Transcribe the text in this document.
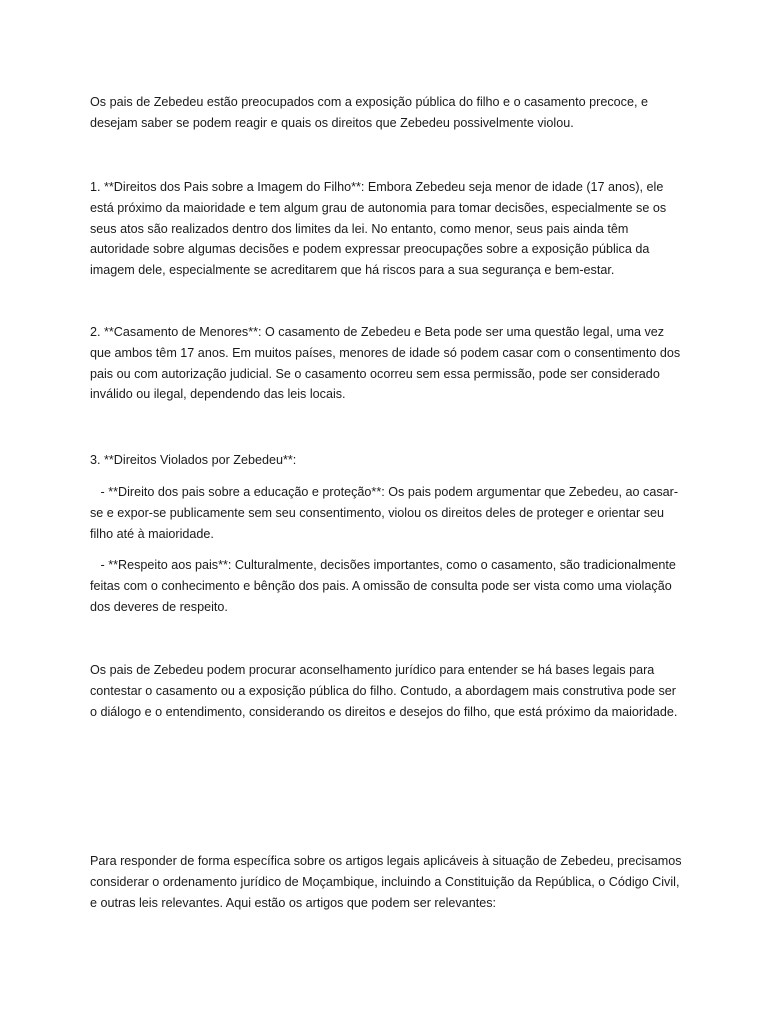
Os pais de Zebedeu estão preocupados com a exposição pública do filho e o casamento precoce, e desejam saber se podem reagir e quais os direitos que Zebedeu possivelmente violou.

1. **Direitos dos Pais sobre a Imagem do Filho**: Embora Zebedeu seja menor de idade (17 anos), ele está próximo da maioridade e tem algum grau de autonomia para tomar decisões, especialmente se os seus atos são realizados dentro dos limites da lei. No entanto, como menor, seus pais ainda têm autoridade sobre algumas decisões e podem expressar preocupações sobre a exposição pública da imagem dele, especialmente se acreditarem que há riscos para a sua segurança e bem-estar.

2. **Casamento de Menores**: O casamento de Zebedeu e Beta pode ser uma questão legal, uma vez que ambos têm 17 anos. Em muitos países, menores de idade só podem casar com o consentimento dos pais ou com autorização judicial. Se o casamento ocorreu sem essa permissão, pode ser considerado inválido ou ilegal, dependendo das leis locais.

3. **Direitos Violados por Zebedeu**:

- **Direito dos pais sobre a educação e proteção**: Os pais podem argumentar que Zebedeu, ao casar-se e expor-se publicamente sem seu consentimento, violou os direitos deles de proteger e orientar seu filho até à maioridade.

- **Respeito aos pais**: Culturalmente, decisões importantes, como o casamento, são tradicionalmente feitas com o conhecimento e bênção dos pais. A omissão de consulta pode ser vista como uma violação dos deveres de respeito.

Os pais de Zebedeu podem procurar aconselhamento jurídico para entender se há bases legais para contestar o casamento ou a exposição pública do filho. Contudo, a abordagem mais construtiva pode ser o diálogo e o entendimento, considerando os direitos e desejos do filho, que está próximo da maioridade.

Para responder de forma específica sobre os artigos legais aplicáveis à situação de Zebedeu, precisamos considerar o ordenamento jurídico de Moçambique, incluindo a Constituição da República, o Código Civil, e outras leis relevantes. Aqui estão os artigos que podem ser relevantes:
